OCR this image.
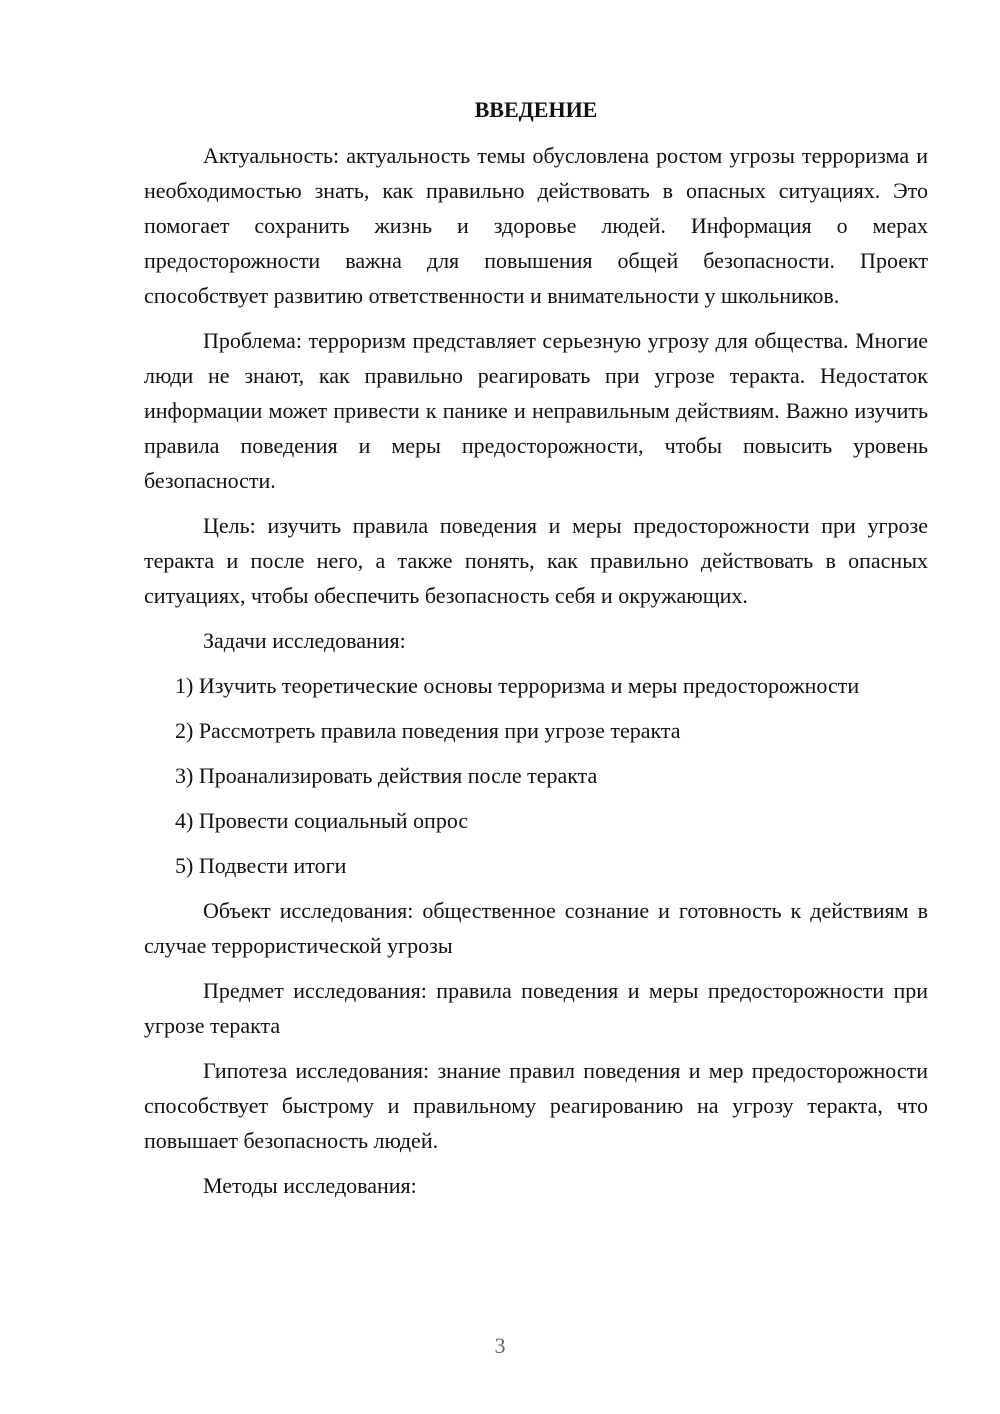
ВВЕДЕНИЕ

Актуальность: актуальность темы обусловлена ростом угрозы терроризма и необходимостью знать, как правильно действовать в опасных ситуациях. Это помогает сохранить жизнь и здоровье людей. Информация о мерах предосторожности важна для повышения общей безопасности. Проект способствует развитию ответственности и внимательности у школьников.

Проблема: терроризм представляет серьезную угрозу для общества. Многие люди не знают, как правильно реагировать при угрозе теракта. Недостаток информации может привести к панике и неправильным действиям. Важно изучить правила поведения и меры предосторожности, чтобы повысить уровень безопасности.

Цель: изучить правила поведения и меры предосторожности при угрозе теракта и после него, а также понять, как правильно действовать в опасных ситуациях, чтобы обеспечить безопасность себя и окружающих.

Задачи исследования:

1) Изучить теоретические основы терроризма и меры предосторожности

2) Рассмотреть правила поведения при угрозе теракта
3) Проанализировать действия после теракта
4) Провести социальный опрос
5) Подвести итоги

Объект исследования: общественное сознание и готовность к действиям в случае террористической угрозы

Предмет исследования: правила поведения и меры предосторожности при угрозе теракта

Гипотеза исследования: знание правил поведения и мер предосторожности способствует быстрому и правильному реагированию на угрозу теракта, что повышает безопасность людей.

Методы исследования:

3
